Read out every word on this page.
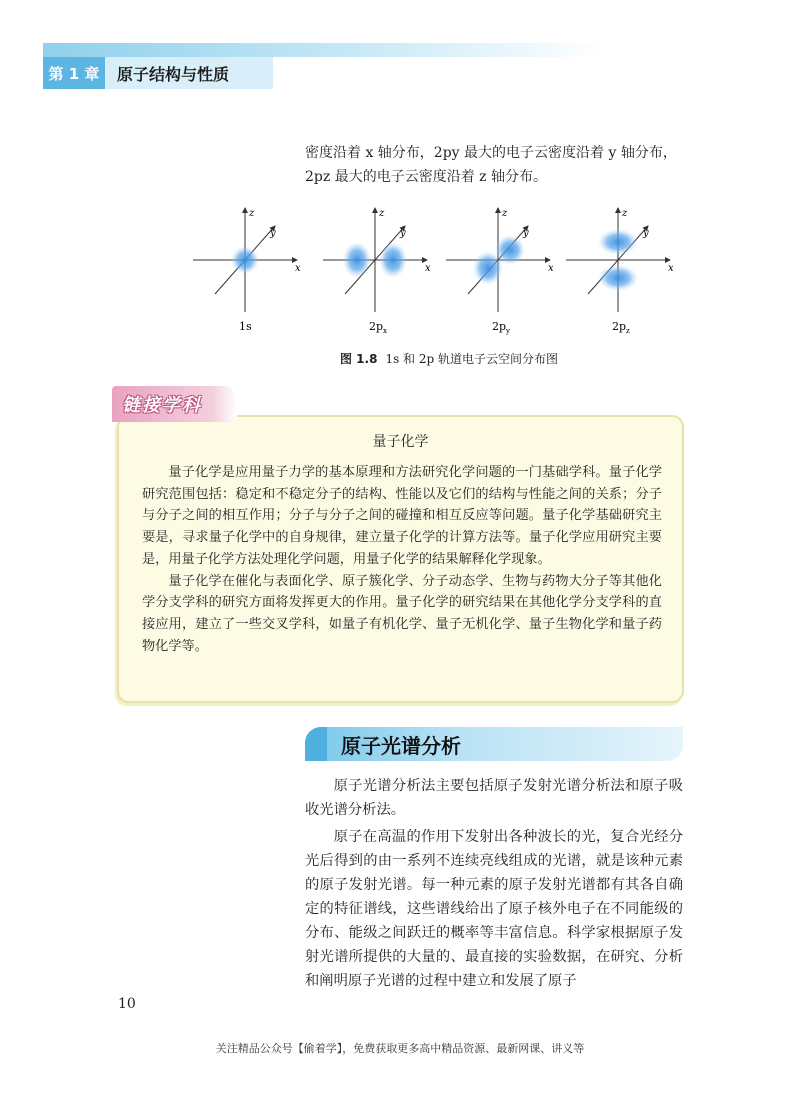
第 1 章	原子结构与性质

密度沿着 x 轴分布，2py 最大的电子云密度沿着 y 轴分布，

2pz 最大的电子云密度沿着 z 轴分布。

x
z
y
1s
x
z
y
$2p_x$
x
z
y
$2p_y$
x
z
y
$2p_z$
图 1.8 1s 和 2p 轨道电子云空间分布图
量子化学

量子化学是应用量子力学的基本原理和方法研究化学问题的一门基础学科。量子化学研究范围包括：稳定和不稳定分子的结构、性能以及它们的结构与性能之间的关系；分子与分子之间的相互作用；分子与分子之间的碰撞和相互反应等问题。量子化学基础研究主要是，寻求量子化学中的自身规律，建立量子化学的计算方法等。量子化学应用研究主要是，用量子化学方法处理化学问题，用量子化学的结果解释化学现象。

量子化学在催化与表面化学、原子簇化学、分子动态学、生物与药物大分子等其他化学分支学科的研究方面将发挥更大的作用。量子化学的研究结果在其他化学分支学科的直接应用，建立了一些交叉学科，如量子有机化学、量子无机化学、量子生物化学和量子药物化学等。

链接学科
原子光谱分析

原子光谱分析法主要包括原子发射光谱分析法和原子吸收光谱分析法。

原子在高温的作用下发射出各种波长的光，复合光经分光后得到的由一系列不连续亮线组成的光谱，就是该种元素的原子发射光谱。每一种元素的原子发射光谱都有其各自确定的特征谱线，这些谱线给出了原子核外电子在不同能级的分布、能级之间跃迁的概率等丰富信息。科学家根据原子发射光谱所提供的大量的、最直接的实验数据，在研究、分析和阐明原子光谱的过程中建立和发展了原子

10
关注精品公众号【偷着学】，免费获取更多高中精品资源、最新网课、讲义等
